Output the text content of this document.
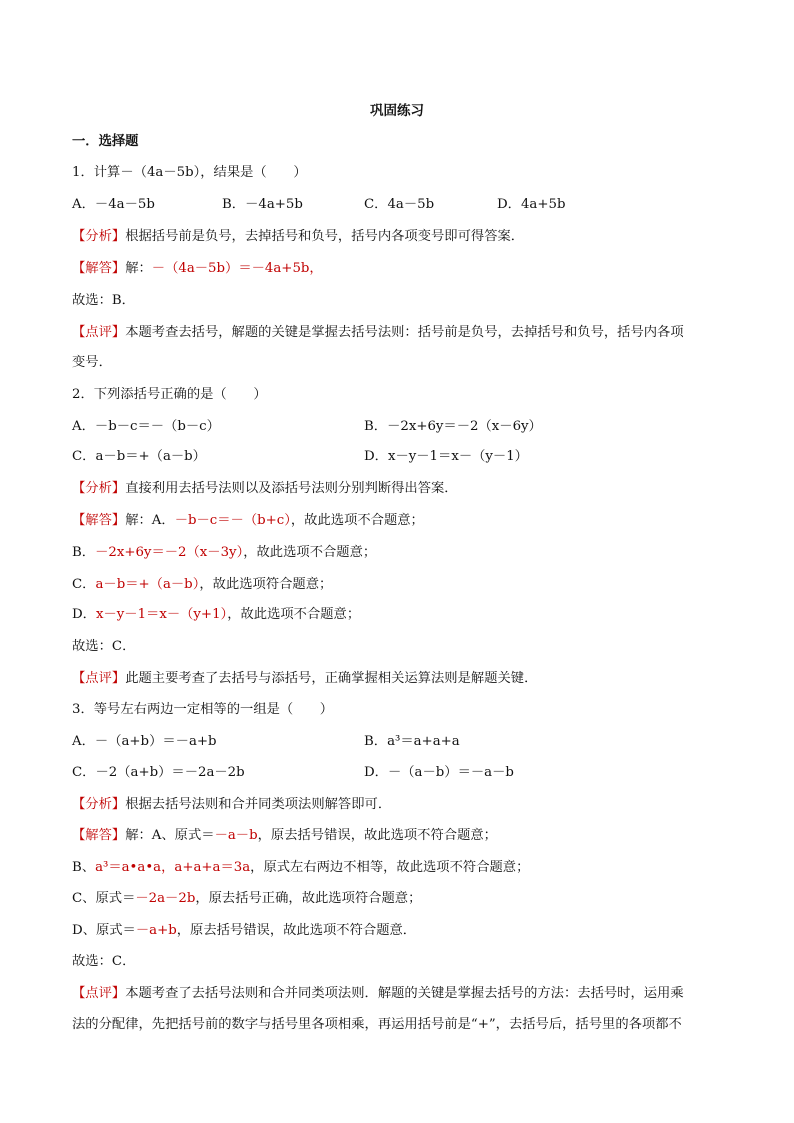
巩固练习
一．选择题
1．计算－（4a－5b），结果是（　　）
A．－4a－5b	B．－4a+5b	C．4a－5b	D．4a+5b
【分析】根据括号前是负号，去掉括号和负号，括号内各项变号即可得答案．
【解答】解：－（4a－5b）＝－4a+5b，
故选：B．
【点评】本题考查去括号，解题的关键是掌握去括号法则：括号前是负号，去掉括号和负号，括号内各项
变号．
2．下列添括号正确的是（　　）
A．－b－c＝－（b－c）	B．－2x+6y＝－2（x－6y）
C．a－b＝+（a－b）	D．x－y－1＝x－（y－1）
【分析】直接利用去括号法则以及添括号法则分别判断得出答案．
【解答】解：A．－b－c＝－（b+c），故此选项不合题意；
B．－2x+6y＝－2（x－3y），故此选项不合题意；
C．a－b＝+（a－b），故此选项符合题意；
D．x－y－1＝x－（y+1），故此选项不合题意；
故选：C．
【点评】此题主要考查了去括号与添括号，正确掌握相关运算法则是解题关键．
3．等号左右两边一定相等的一组是（　　）
A．－（a+b）＝－a+b	B．a³＝a+a+a
C．－2（a+b）＝－2a－2b	D．－（a－b）＝－a－b
【分析】根据去括号法则和合并同类项法则解答即可．
【解答】解：A、原式＝－a－b，原去括号错误，故此选项不符合题意；
B、a³＝a•a•a，a+a+a＝3a，原式左右两边不相等，故此选项不符合题意；
C、原式＝－2a－2b，原去括号正确，故此选项符合题意；
D、原式＝－a+b，原去括号错误，故此选项不符合题意．
故选：C．
【点评】本题考查了去括号法则和合并同类项法则．解题的关键是掌握去括号的方法：去括号时，运用乘
法的分配律，先把括号前的数字与括号里各项相乘，再运用括号前是“+”，去括号后，括号里的各项都不
